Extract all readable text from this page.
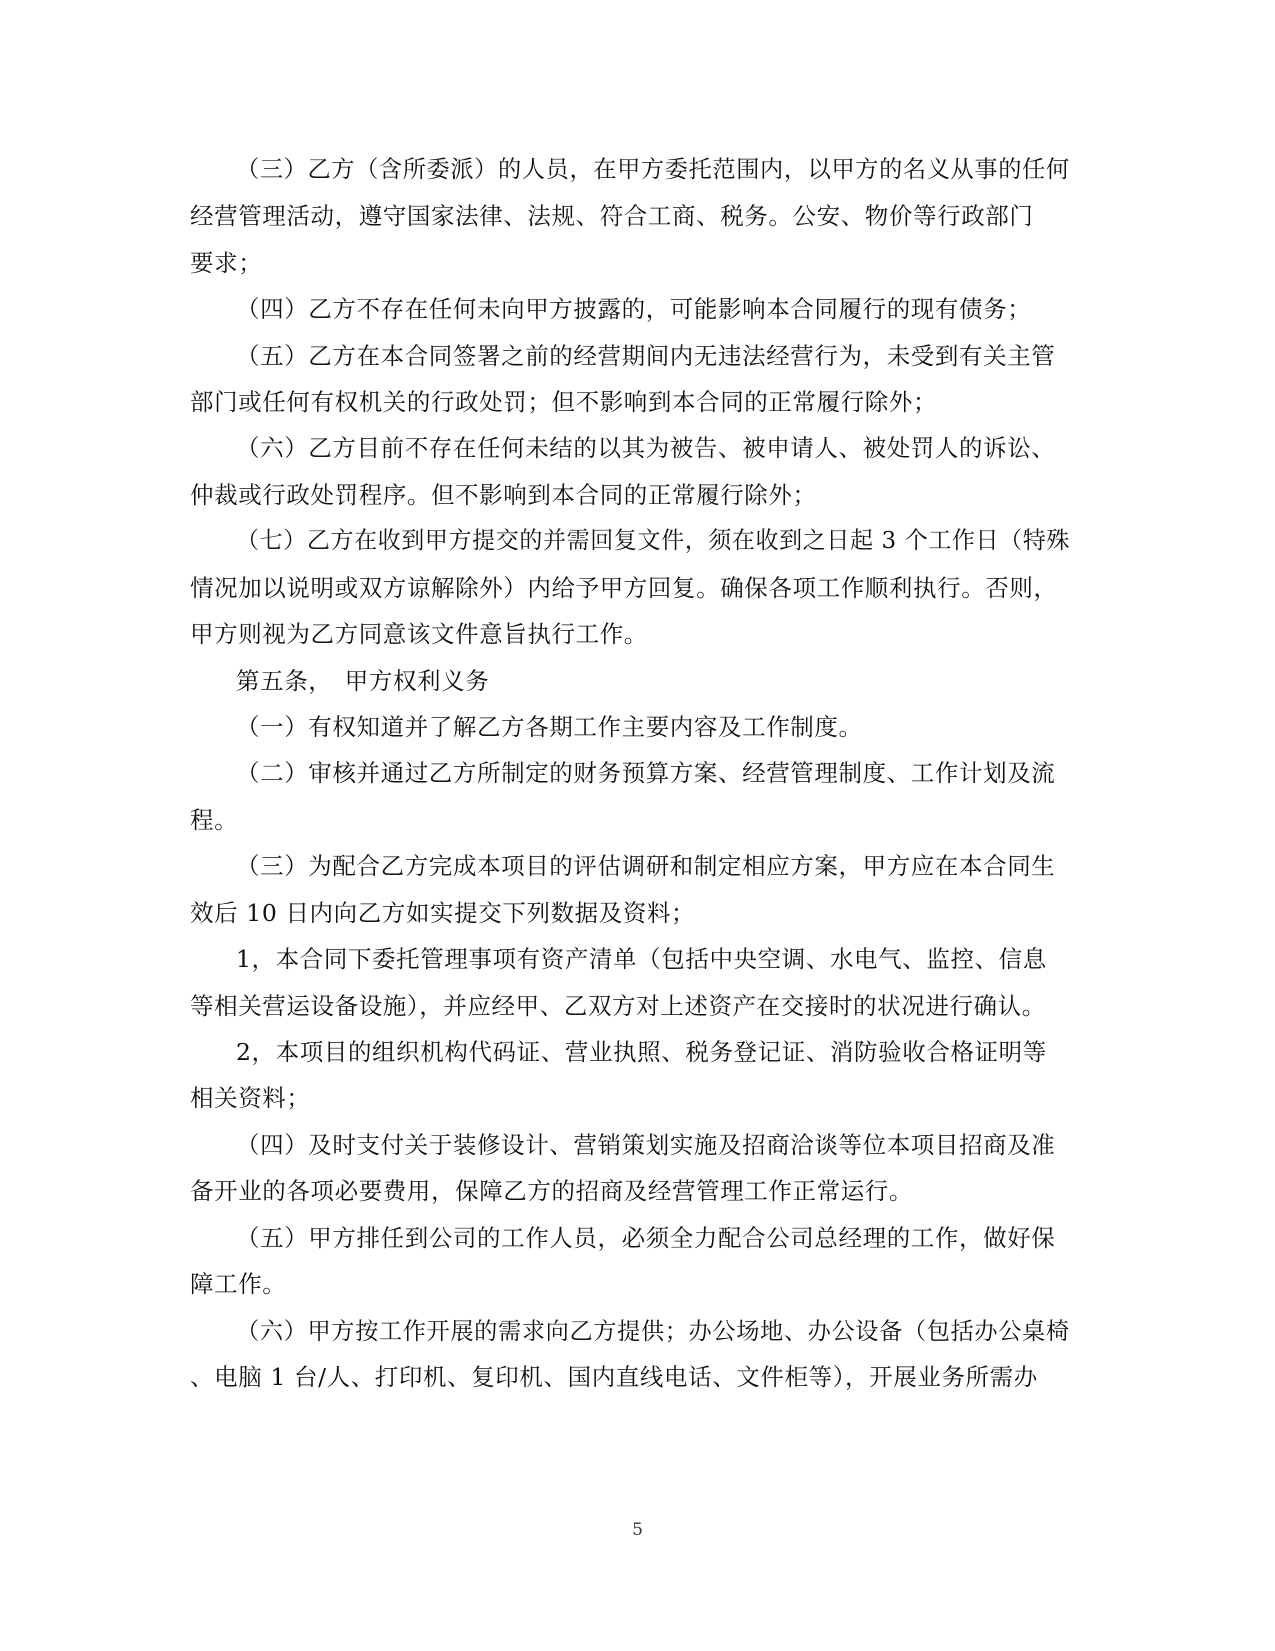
（三）乙方（含所委派）的人员，在甲方委托范围内，以甲方的名义从事的任何
经营管理活动，遵守国家法律、法规、符合工商、税务。公安、物价等行政部门
要求；
（四）乙方不存在任何未向甲方披露的，可能影响本合同履行的现有债务；
（五）乙方在本合同签署之前的经营期间内无违法经营行为，未受到有关主管
部门或任何有权机关的行政处罚；但不影响到本合同的正常履行除外；
（六）乙方目前不存在任何未结的以其为被告、被申请人、被处罚人的诉讼、
仲裁或行政处罚程序。但不影响到本合同的正常履行除外；
（七）乙方在收到甲方提交的并需回复文件，须在收到之日起 3 个工作日（特殊
情况加以说明或双方谅解除外）内给予甲方回复。确保各项工作顺利执行。否则，
甲方则视为乙方同意该文件意旨执行工作。
第五条，　甲方权利义务
（一）有权知道并了解乙方各期工作主要内容及工作制度。
（二）审核并通过乙方所制定的财务预算方案、经营管理制度、工作计划及流
程。
（三）为配合乙方完成本项目的评估调研和制定相应方案，甲方应在本合同生
效后 10 日内向乙方如实提交下列数据及资料；
1，本合同下委托管理事项有资产清单（包括中央空调、水电气、监控、信息
等相关营运设备设施），并应经甲、乙双方对上述资产在交接时的状况进行确认。
2，本项目的组织机构代码证、营业执照、税务登记证、消防验收合格证明等
相关资料；
（四）及时支付关于装修设计、营销策划实施及招商洽谈等位本项目招商及准
备开业的各项必要费用，保障乙方的招商及经营管理工作正常运行。
（五）甲方排任到公司的工作人员，必须全力配合公司总经理的工作，做好保
障工作。
（六）甲方按工作开展的需求向乙方提供；办公场地、办公设备（包括办公桌椅
、电脑 1 台/人、打印机、复印机、国内直线电话、文件柜等），开展业务所需办
5
